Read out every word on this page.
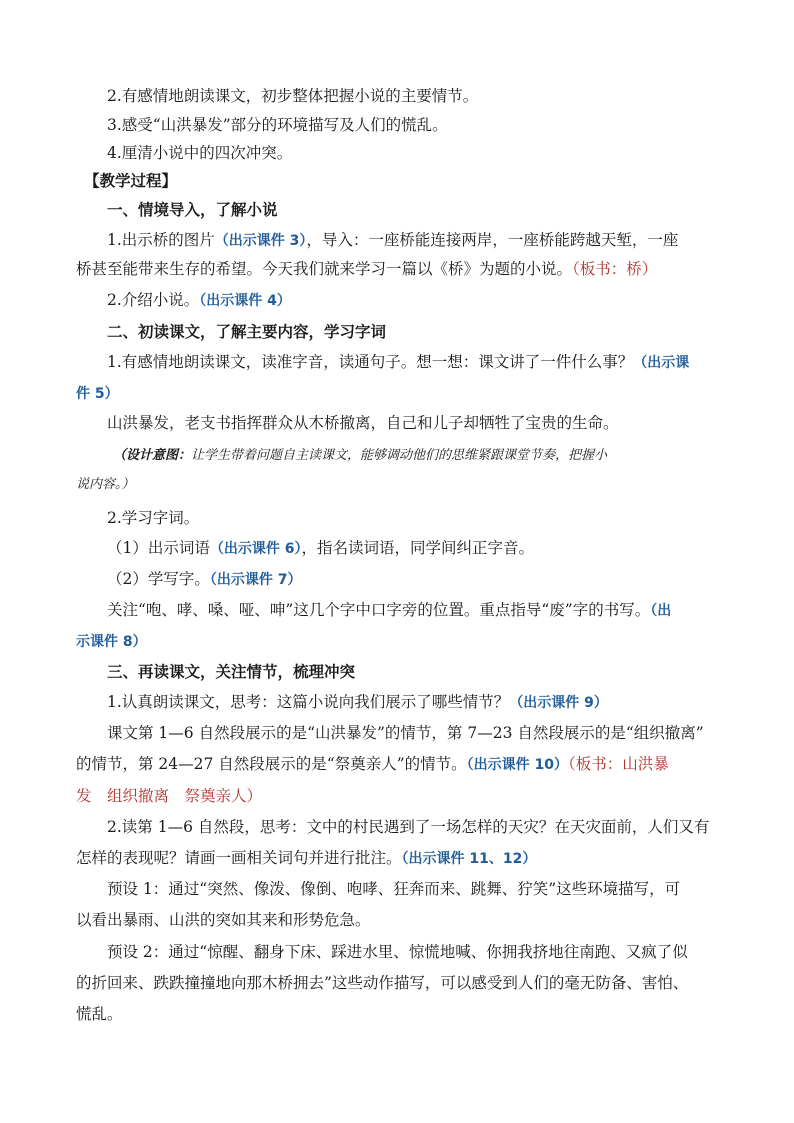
2.有感情地朗读课文，初步整体把握小说的主要情节。
3.感受“山洪暴发”部分的环境描写及人们的慌乱。
4.厘清小说中的四次冲突。
【教学过程】
一、情境导入，了解小说
1.出示桥的图片（出示课件 3），导入：一座桥能连接两岸，一座桥能跨越天堑，一座
桥甚至能带来生存的希望。今天我们就来学习一篇以《桥》为题的小说。（板书：桥）
2.介绍小说。（出示课件 4）
二、初读课文，了解主要内容，学习字词
1.有感情地朗读课文，读准字音，读通句子。想一想：课文讲了一件什么事？（出示课
件 5）
山洪暴发，老支书指挥群众从木桥撤离，自己和儿子却牺牲了宝贵的生命。
（设计意图：让学生带着问题自主读课文，能够调动他们的思维紧跟课堂节奏，把握小
说内容。）
2.学习字词。
（1）出示词语（出示课件 6），指名读词语，同学间纠正字音。
（2）学写字。（出示课件 7）
关注“咆、哮、嗓、哑、呻”这几个字中口字旁的位置。重点指导“废”字的书写。（出
示课件 8）
三、再读课文，关注情节，梳理冲突
1.认真朗读课文，思考：这篇小说向我们展示了哪些情节？（出示课件 9）
课文第 1—6 自然段展示的是“山洪暴发”的情节，第 7—23 自然段展示的是“组织撤离”
的情节，第 24—27 自然段展示的是“祭奠亲人”的情节。（出示课件 10）（板书：山洪暴
发　组织撤离　祭奠亲人）
2.读第 1—6 自然段，思考：文中的村民遇到了一场怎样的天灾？在天灾面前，人们又有
怎样的表现呢？请画一画相关词句并进行批注。（出示课件 11、12）
预设 1：通过“突然、像泼、像倒、咆哮、狂奔而来、跳舞、狞笑”这些环境描写，可
以看出暴雨、山洪的突如其来和形势危急。
预设 2：通过“惊醒、翻身下床、踩进水里、惊慌地喊、你拥我挤地往南跑、又疯了似
的折回来、跌跌撞撞地向那木桥拥去”这些动作描写，可以感受到人们的毫无防备、害怕、
慌乱。
